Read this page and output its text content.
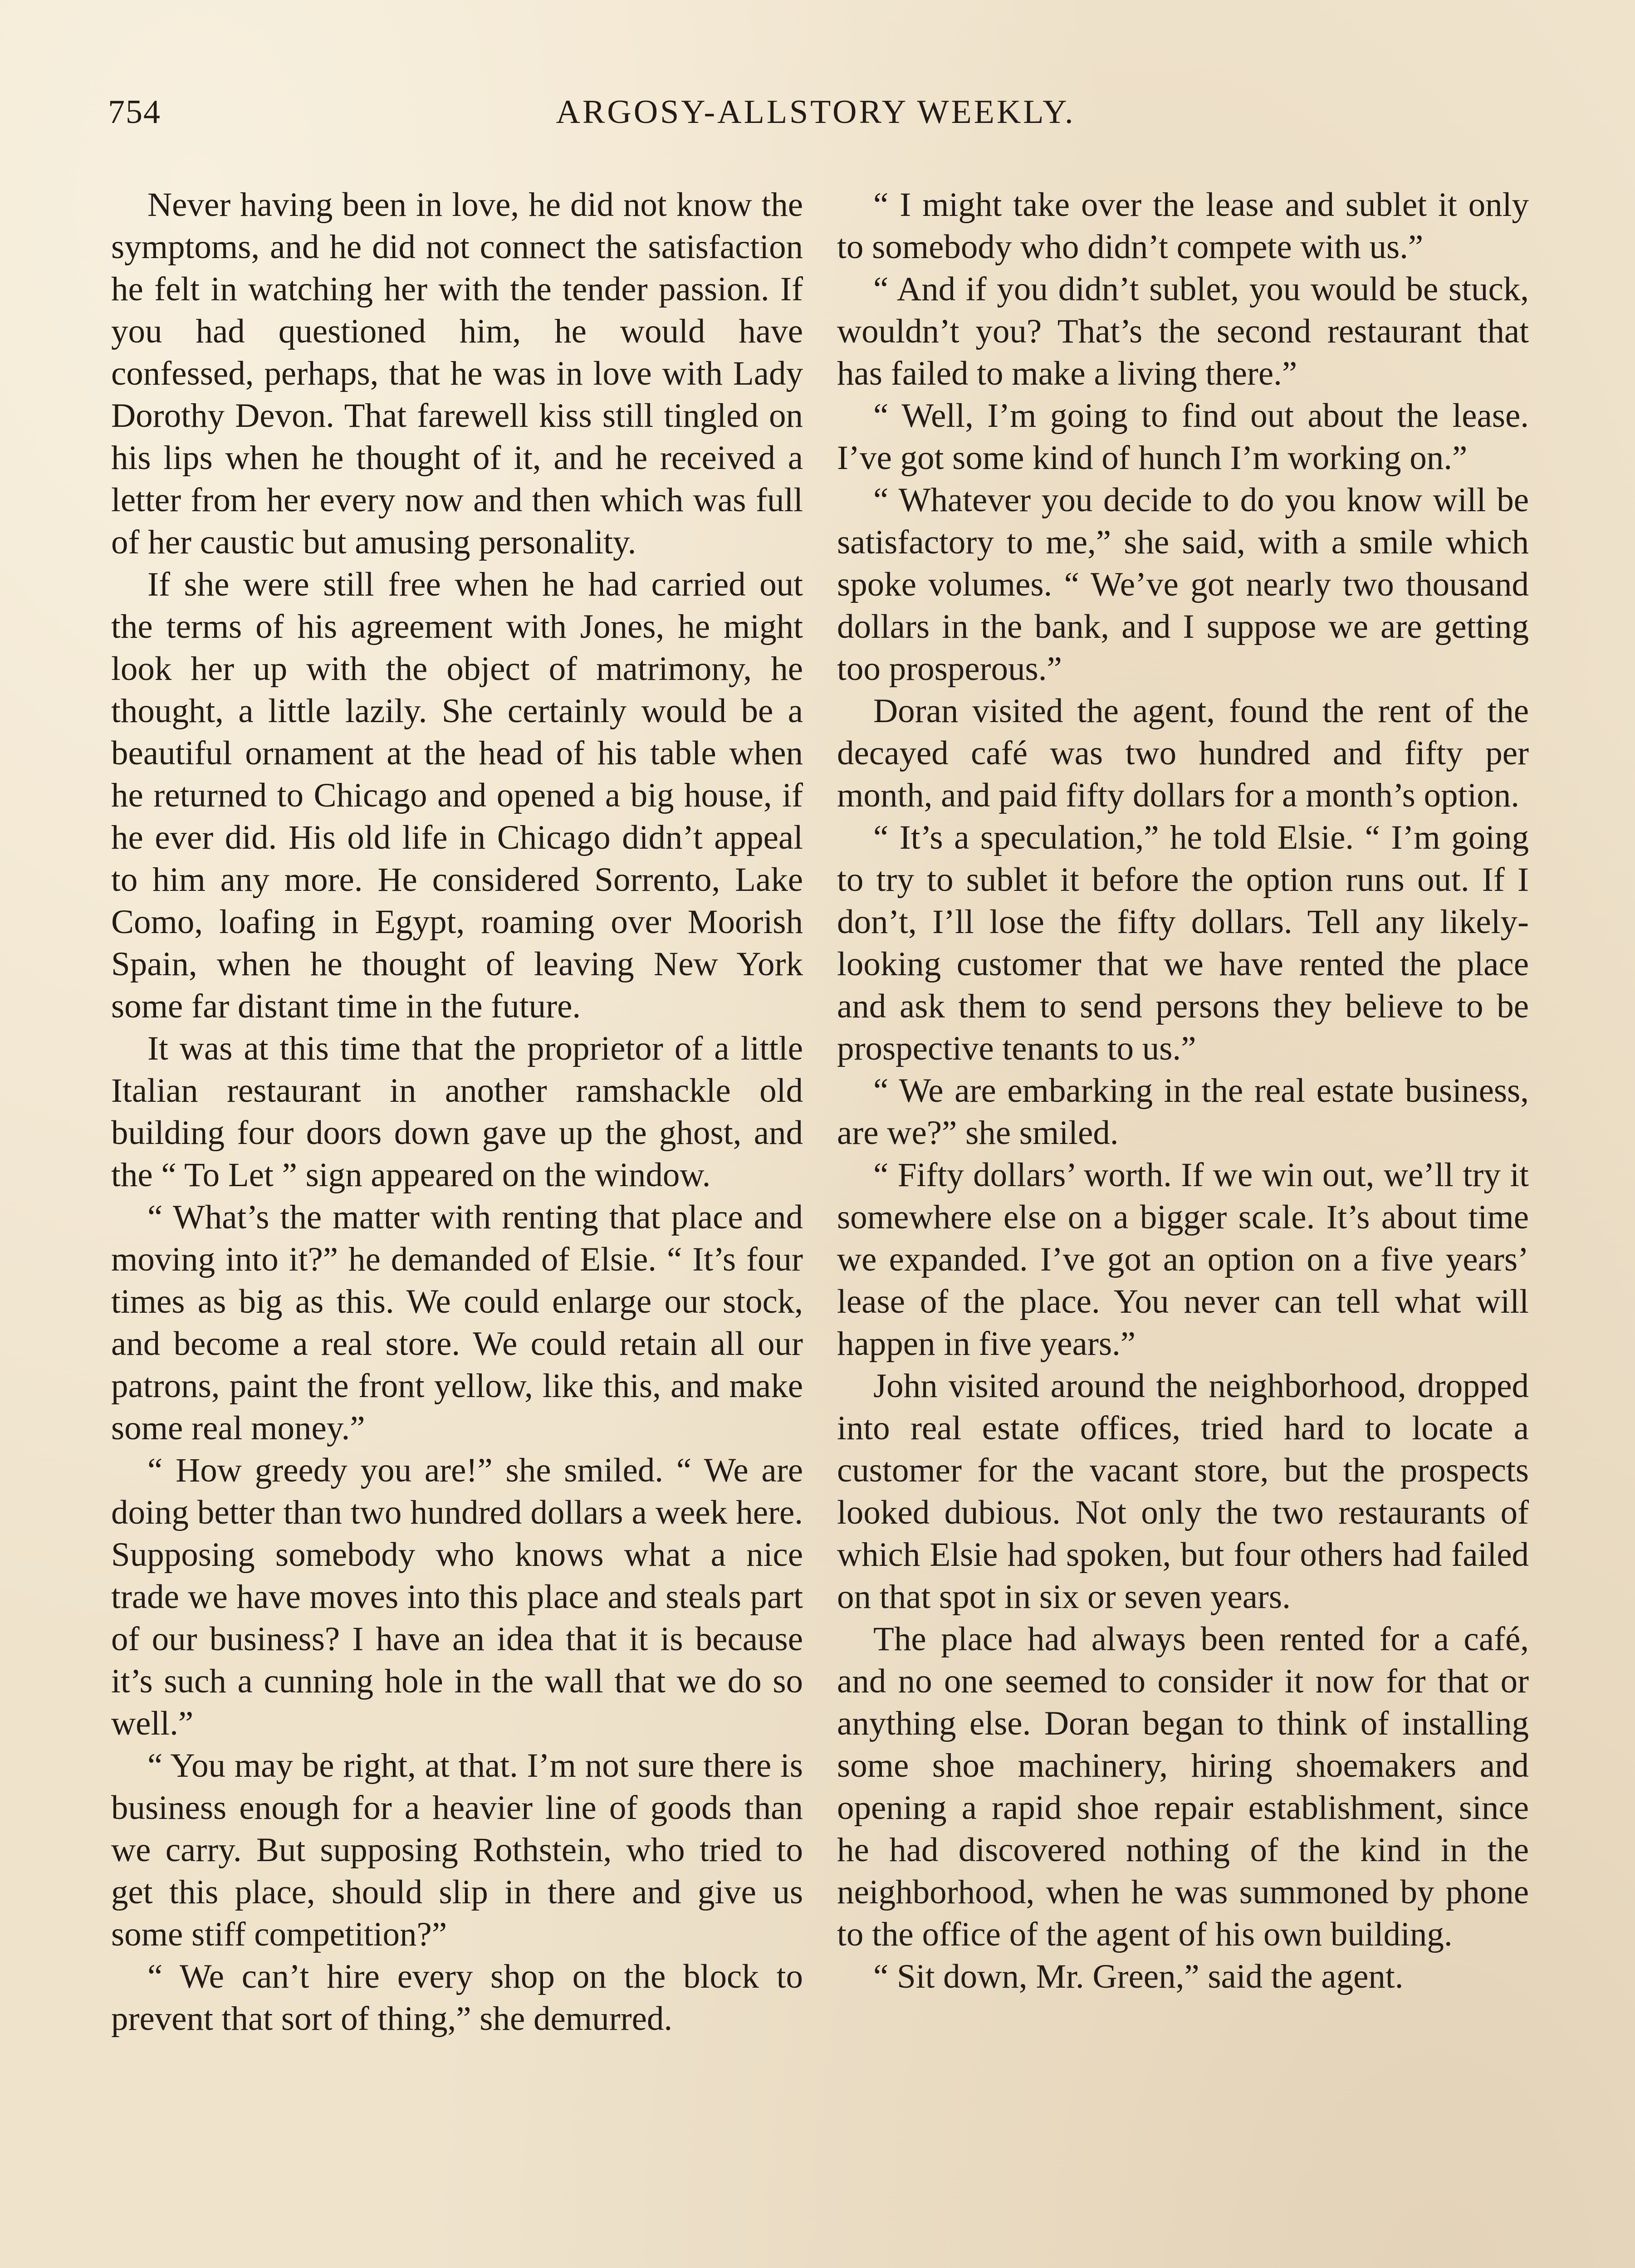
754	ARGOSY-ALLSTORY WEEKLY.

Never having been in love, he did not know the symptoms, and he did not connect the satisfaction he felt in watching her with the tender passion. If you had questioned him, he would have confessed, perhaps, that he was in love with Lady Dorothy Devon. That farewell kiss still tingled on his lips when he thought of it, and he received a letter from her every now and then which was full of her caustic but amusing personality.

If she were still free when he had carried out the terms of his agreement with Jones, he might look her up with the object of matrimony, he thought, a little lazily. She certainly would be a beautiful ornament at the head of his table when he returned to Chicago and opened a big house, if he ever did. His old life in Chicago didn’t appeal to him any more. He considered Sorrento, Lake Como, loafing in Egypt, roaming over Moorish Spain, when he thought of leaving New York some far distant time in the future.

It was at this time that the proprietor of a little Italian restaurant in another ramshackle old building four doors down gave up the ghost, and the “ To Let ” sign appeared on the window.

“ What’s the matter with renting that place and moving into it?” he demanded of Elsie. “ It’s four times as big as this. We could enlarge our stock, and become a real store. We could retain all our patrons, paint the front yellow, like this, and make some real money.”

“ How greedy you are!” she smiled. “ We are doing better than two hundred dollars a week here. Supposing somebody who knows what a nice trade we have moves into this place and steals part of our business? I have an idea that it is because it’s such a cunning hole in the wall that we do so well.”

“ You may be right, at that. I’m not sure there is business enough for a heavier line of goods than we carry. But supposing Rothstein, who tried to get this place, should slip in there and give us some stiff competition?”

“ We can’t hire every shop on the block to prevent that sort of thing,” she demurred.

“ I might take over the lease and sublet it only to somebody who didn’t compete with us.”

“ And if you didn’t sublet, you would be stuck, wouldn’t you? That’s the second restaurant that has failed to make a living there.”

“ Well, I’m going to find out about the lease. I’ve got some kind of hunch I’m working on.”

“ Whatever you decide to do you know will be satisfactory to me,” she said, with a smile which spoke volumes. “ We’ve got nearly two thousand dollars in the bank, and I suppose we are getting too prosperous.”

Doran visited the agent, found the rent of the decayed café was two hundred and fifty per month, and paid fifty dollars for a month’s option.

“ It’s a speculation,” he told Elsie. “ I’m going to try to sublet it before the option runs out. If I don’t, I’ll lose the fifty dollars. Tell any likely-looking customer that we have rented the place and ask them to send persons they believe to be prospective tenants to us.”

“ We are embarking in the real estate business, are we?” she smiled.

“ Fifty dollars’ worth. If we win out, we’ll try it somewhere else on a bigger scale. It’s about time we expanded. I’ve got an option on a five years’ lease of the place. You never can tell what will happen in five years.”

John visited around the neighborhood, dropped into real estate offices, tried hard to locate a customer for the vacant store, but the prospects looked dubious. Not only the two restaurants of which Elsie had spoken, but four others had failed on that spot in six or seven years.

The place had always been rented for a café, and no one seemed to consider it now for that or anything else. Doran began to think of installing some shoe machinery, hiring shoemakers and opening a rapid shoe repair establishment, since he had discovered nothing of the kind in the neighborhood, when he was summoned by phone to the office of the agent of his own building.

“ Sit down, Mr. Green,” said the agent.
